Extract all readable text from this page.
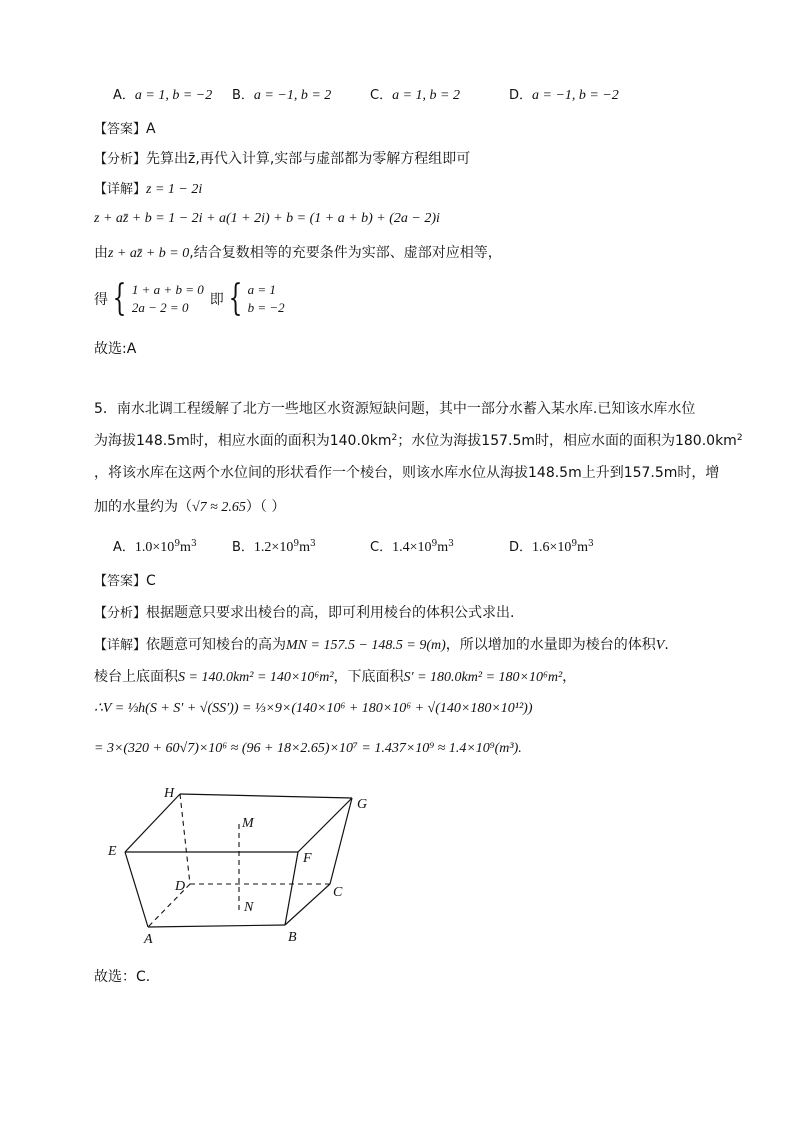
A．a = 1, b = −2 B．a = −1, b = 2	C．a = 1, b = 2	D．a = −1, b = −2
【答案】A
【分析】先算出z̄,再代入计算,实部与虚部都为零解方程组即可
【详解】z = 1 − 2i
z + az̄ + b = 1 − 2i + a(1 + 2i) + b = (1 + a + b) + (2a − 2)i
由z + az̄ + b = 0,结合复数相等的充要条件为实部、虚部对应相等，
得 { 1 + a + b = 0
2a − 2 = 0	即 { a = 1
b = −2
故选:A
5．南水北调工程缓解了北方一些地区水资源短缺问题，其中一部分水蓄入某水库.已知该水库水位
为海拔148.5m时，相应水面的面积为$140.0km^2$；水位为海拔157.5m时，相应水面的面积为$180.0km^2$
，将该水库在这两个水位间的形状看作一个棱台，则该水库水位从海拔148.5m上升到157.5m时，增
加的水量约为（√7 ≈ 2.65）（ ）
A．$1.0\times 10^9m^3$	B．$1.2\times 10^9m^3$	C．$1.4\times 10^9m^3$	D．$1.6\times 10^9m^3$
【答案】C
【分析】根据题意只要求出棱台的高，即可利用棱台的体积公式求出.
【详解】依题意可知棱台的高为MN = 157.5 − 148.5 = 9(m)，所以增加的水量即为棱台的体积V.
棱台上底面积S = 140.0km² = 140×10⁶m²，下底面积S′ = 180.0km² = 180×10⁶m²，
∴V = ⅓h(S + S′ + √(SS′)) = ⅓×9×(140×10⁶ + 180×10⁶ + √(140×180×10¹²))
= 3×(320 + 60√7)×10⁶ ≈ (96 + 18×2.65)×10⁷ = 1.437×10⁹ ≈ 1.4×10⁹(m³).
H
G
M
E	F
D	C
N
A	B
故选：C.
